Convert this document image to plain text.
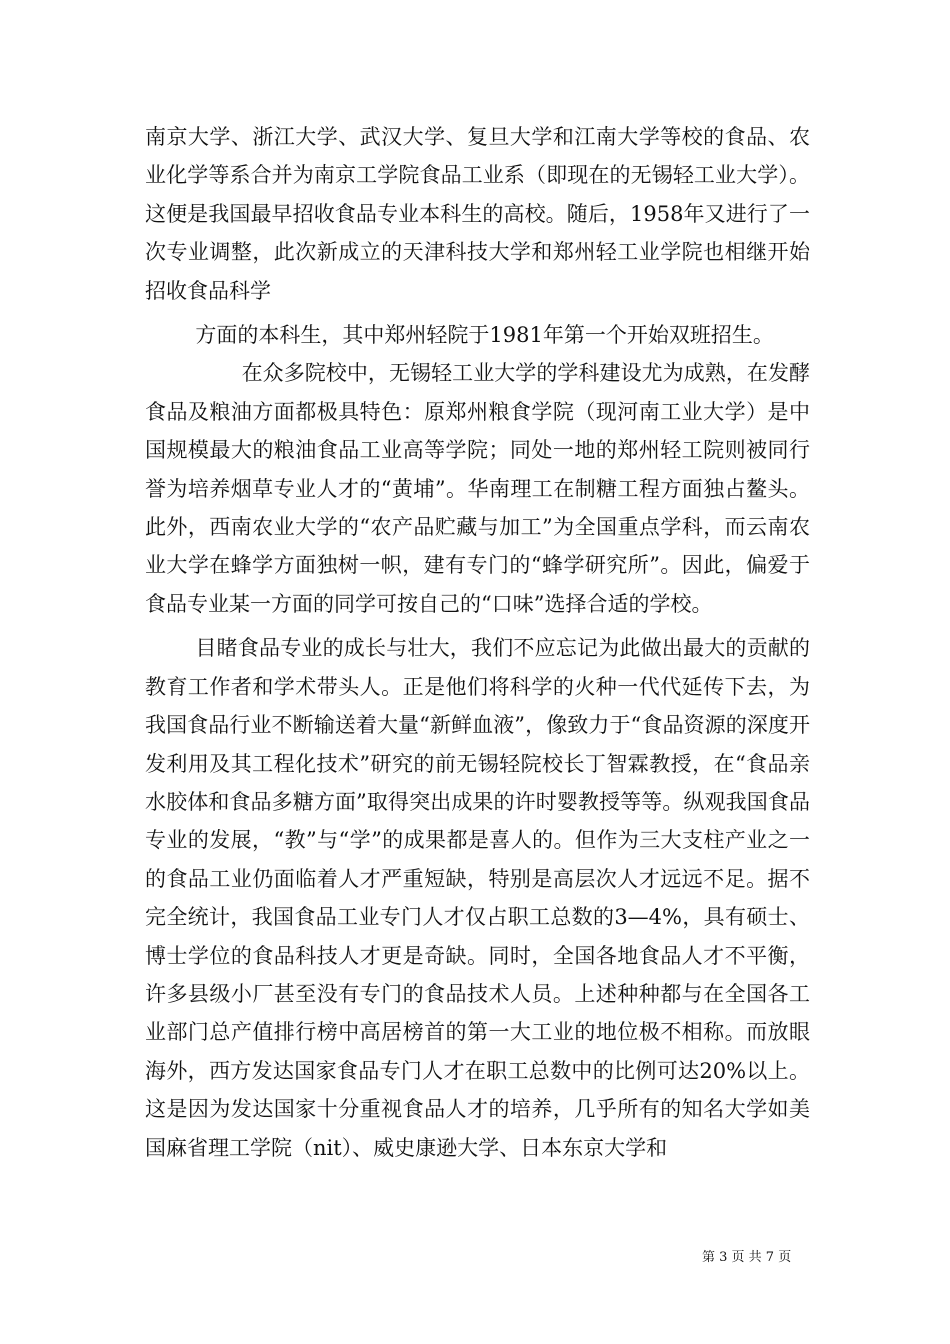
南京大学、浙江大学、武汉大学、复旦大学和江南大学等校的食品、农业化学等系合并为南京工学院食品工业系（即现在的无锡轻工业大学）。这便是我国最早招收食品专业本科生的高校。随后，1958年又进行了一次专业调整，此次新成立的天津科技大学和郑州轻工业学院也相继开始招收食品科学

方面的本科生，其中郑州轻院于1981年第一个开始双班招生。

在众多院校中，无锡轻工业大学的学科建设尤为成熟，在发酵食品及粮油方面都极具特色：原郑州粮食学院（现河南工业大学）是中国规模最大的粮油食品工业高等学院；同处一地的郑州轻工院则被同行誉为培养烟草专业人才的“黄埔”。华南理工在制糖工程方面独占鳌头。此外，西南农业大学的“农产品贮藏与加工”为全国重点学科，而云南农业大学在蜂学方面独树一帜，建有专门的“蜂学研究所”。因此，偏爱于食品专业某一方面的同学可按自己的“口味”选择合适的学校。

目睹食品专业的成长与壮大，我们不应忘记为此做出最大的贡献的教育工作者和学术带头人。正是他们将科学的火种一代代延传下去，为我国食品行业不断输送着大量“新鲜血液”，像致力于“食品资源的深度开发利用及其工程化技术”研究的前无锡轻院校长丁智霖教授，在“食品亲水胶体和食品多糖方面”取得突出成果的许时婴教授等等。纵观我国食品专业的发展，“教”与“学”的成果都是喜人的。但作为三大支柱产业之一的食品工业仍面临着人才严重短缺，特别是高层次人才远远不足。据不完全统计，我国食品工业专门人才仅占职工总数的3—4%，具有硕士、博士学位的食品科技人才更是奇缺。同时，全国各地食品人才不平衡，许多县级小厂甚至没有专门的食品技术人员。上述种种都与在全国各工业部门总产值排行榜中高居榜首的第一大工业的地位极不相称。而放眼海外，西方发达国家食品专门人才在职工总数中的比例可达20%以上。这是因为发达国家十分重视食品人才的培养，几乎所有的知名大学如美国麻省理工学院（nit）、威史康逊大学、日本东京大学和

第 3 页 共 7 页
